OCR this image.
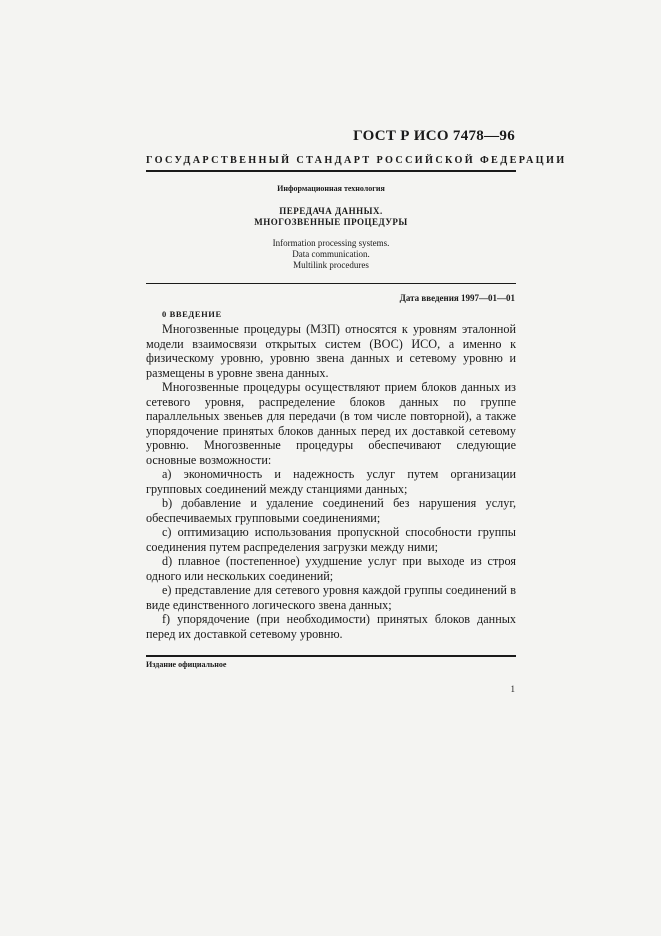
ГОСТ Р ИСО 7478—96
ГОСУДАРСТВЕННЫЙ СТАНДАРТ РОССИЙСКОЙ ФЕДЕРАЦИИ
Информационная технология
ПЕРЕДАЧА ДАННЫХ.
МНОГОЗВЕННЫЕ ПРОЦЕДУРЫ
Information processing systems.
Data communication.
Multilink procedures
Дата введения 1997—01—01
0 ВВЕДЕНИЕ

Многозвенные процедуры (МЗП) относятся к уровням эталонной модели взаимосвязи открытых систем (ВОС) ИСО, а именно к физическому уровню, уровню звена данных и сетевому уровню и размещены в уровне звена данных.

Многозвенные процедуры осуществляют прием блоков данных из сетевого уровня, распределение блоков данных по группе параллельных звеньев для передачи (в том числе повторной), а также упорядочение принятых блоков данных перед их доставкой сетевому уровню. Многозвенные процедуры обеспечивают следующие основные возможности:

a) экономичность и надежность услуг путем организации групповых соединений между станциями данных;

b) добавление и удаление соединений без нарушения услуг, обеспечиваемых групповыми соединениями;

c) оптимизацию использования пропускной способности группы соединения путем распределения загрузки между ними;

d) плавное (постепенное) ухудшение услуг при выходе из строя одного или нескольких соединений;

e) представление для сетевого уровня каждой группы соединений в виде единственного логического звена данных;

f) упорядочение (при необходимости) принятых блоков данных перед их доставкой сетевому уровню.

Издание официальное
1
